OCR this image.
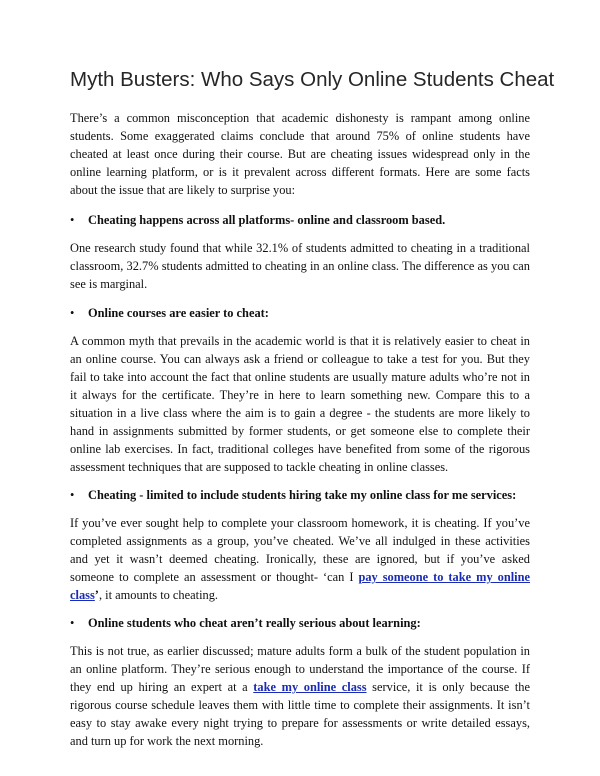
Myth Busters: Who Says Only Online Students Cheat

There’s a common misconception that academic dishonesty is rampant among online students. Some exaggerated claims conclude that around 75% of online students have cheated at least once during their course. But are cheating issues widespread only in the online learning platform, or is it prevalent across different formats. Here are some facts about the issue that are likely to surprise you:

•	Cheating happens across all platforms- online and classroom based.

One research study found that while 32.1% of students admitted to cheating in a traditional classroom, 32.7% students admitted to cheating in an online class. The difference as you can see is marginal.

•	Online courses are easier to cheat:

A common myth that prevails in the academic world is that it is relatively easier to cheat in an online course. You can always ask a friend or colleague to take a test for you. But they fail to take into account the fact that online students are usually mature adults who’re not in it always for the certificate. They’re in here to learn something new. Compare this to a situation in a live class where the aim is to gain a degree - the students are more likely to hand in assignments submitted by former students, or get someone else to complete their online lab exercises. In fact, traditional colleges have benefited from some of the rigorous assessment techniques that are supposed to tackle cheating in online classes.

•	Cheating - limited to include students hiring take my online class for me services:

If you’ve ever sought help to complete your classroom homework, it is cheating. If you’ve completed assignments as a group, you’ve cheated. We’ve all indulged in these activities and yet it wasn’t deemed cheating. Ironically, these are ignored, but if you’ve asked someone to complete an assessment or thought- ‘can I pay someone to take my online class’, it amounts to cheating.

•	Online students who cheat aren’t really serious about learning:

This is not true, as earlier discussed; mature adults form a bulk of the student population in an online platform. They’re serious enough to understand the importance of the course. If they end up hiring an expert at a take my online class service, it is only because the rigorous course schedule leaves them with little time to complete their assignments. It isn’t easy to stay awake every night trying to prepare for assessments or write detailed essays, and turn up for work the next morning.
